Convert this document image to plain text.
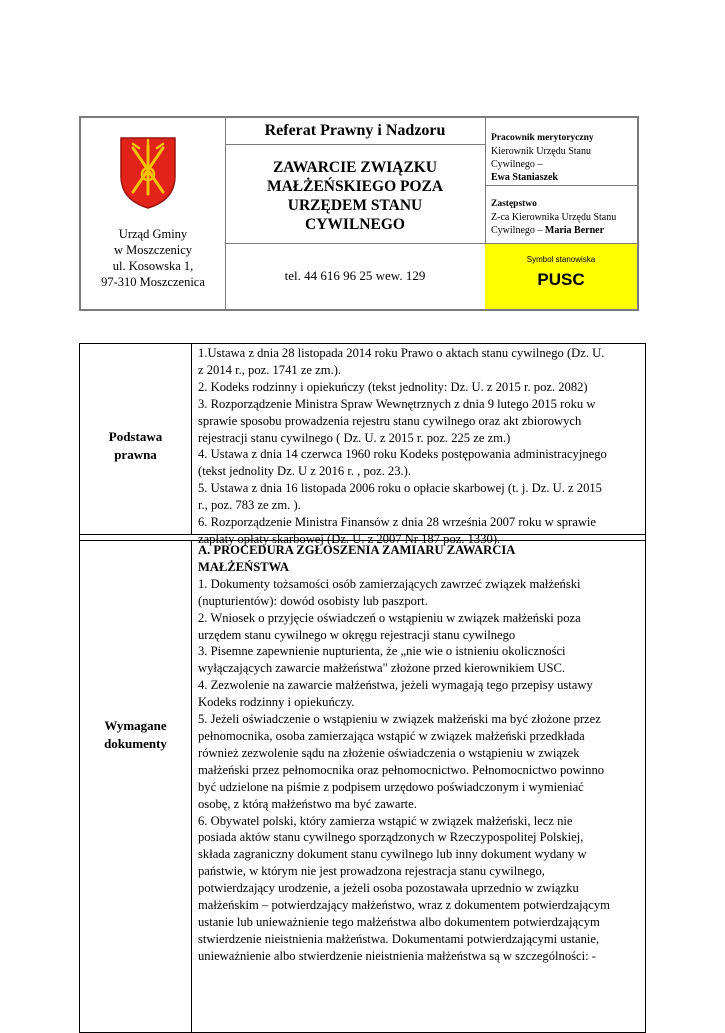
Urząd Gminy
w Moszczenicy
ul. Kosowska 1,
97-310 Moszczenica
Referat Prawny i Nadzoru
ZAWARCIE ZWIĄZKU
MAŁŻEŃSKIEGO POZA
URZĘDEM STANU
CYWILNEGO
tel. 44 616 96 25 wew. 129
Pracownik merytoryczny
Kierownik Urzędu Stanu
Cywilnego –
Ewa Staniaszek
Zastępstwo
Z-ca Kierownika Urzędu Stanu
Cywilnego – Maria Berner
Symbol stanowiska
PUSC
Podstawa
prawna

1.Ustawa z dnia 28 listopada 2014 roku Prawo o aktach stanu cywilnego (Dz. U.

z 2014 r., poz. 1741 ze zm.).

2. Kodeks rodzinny i opiekuńczy (tekst jednolity: Dz. U. z 2015 r. poz. 2082)

3. Rozporządzenie Ministra Spraw Wewnętrznych z dnia 9 lutego 2015 roku w

sprawie sposobu prowadzenia rejestru stanu cywilnego oraz akt zbiorowych

rejestracji stanu cywilnego ( Dz. U. z 2015 r. poz. 225 ze zm.)

4. Ustawa z dnia 14 czerwca 1960 roku Kodeks postępowania administracyjnego

(tekst jednolity Dz. U z 2016 r. , poz. 23.).

5. Ustawa z dnia 16 listopada 2006 roku o opłacie skarbowej (t. j. Dz. U. z 2015

r., poz. 783 ze zm. ).

6. Rozporządzenie Ministra Finansów z dnia 28 września 2007 roku w sprawie

zapłaty opłaty skarbowej (Dz. U. z 2007 Nr 187 poz. 1330).

Wymagane
dokumenty

A. PROCEDURA ZGŁOSZENIA ZAMIARU ZAWARCIA

MAŁŻEŃSTWA

1. Dokumenty tożsamości osób zamierzających zawrzeć związek małżeński

(nupturientów): dowód osobisty lub paszport.

2. Wniosek o przyjęcie oświadczeń o wstąpieniu w związek małżeński poza

urzędem stanu cywilnego w okręgu rejestracji stanu cywilnego

3. Pisemne zapewnienie nupturienta, że „nie wie o istnieniu okoliczności

wyłączających zawarcie małżeństwa" złożone przed kierownikiem USC.

4. Zezwolenie na zawarcie małżeństwa, jeżeli wymagają tego przepisy ustawy

Kodeks rodzinny i opiekuńczy.

5. Jeżeli oświadczenie o wstąpieniu w związek małżeński ma być złożone przez

pełnomocnika, osoba zamierzająca wstąpić w związek małżeński przedkłada

również zezwolenie sądu na złożenie oświadczenia o wstąpieniu w związek

małżeński przez pełnomocnika oraz pełnomocnictwo. Pełnomocnictwo powinno

być udzielone na piśmie z podpisem urzędowo poświadczonym i wymieniać

osobę, z którą małżeństwo ma być zawarte.

6. Obywatel polski, który zamierza wstąpić w związek małżeński, lecz nie

posiada aktów stanu cywilnego sporządzonych w Rzeczypospolitej Polskiej,

składa zagraniczny dokument stanu cywilnego lub inny dokument wydany w

państwie, w którym nie jest prowadzona rejestracja stanu cywilnego,

potwierdzający urodzenie, a jeżeli osoba pozostawała uprzednio w związku

małżeńskim – potwierdzający małżeństwo, wraz z dokumentem potwierdzającym

ustanie lub unieważnienie tego małżeństwa albo dokumentem potwierdzającym

stwierdzenie nieistnienia małżeństwa. Dokumentami potwierdzającymi ustanie,

unieważnienie albo stwierdzenie nieistnienia małżeństwa są w szczególności: -
